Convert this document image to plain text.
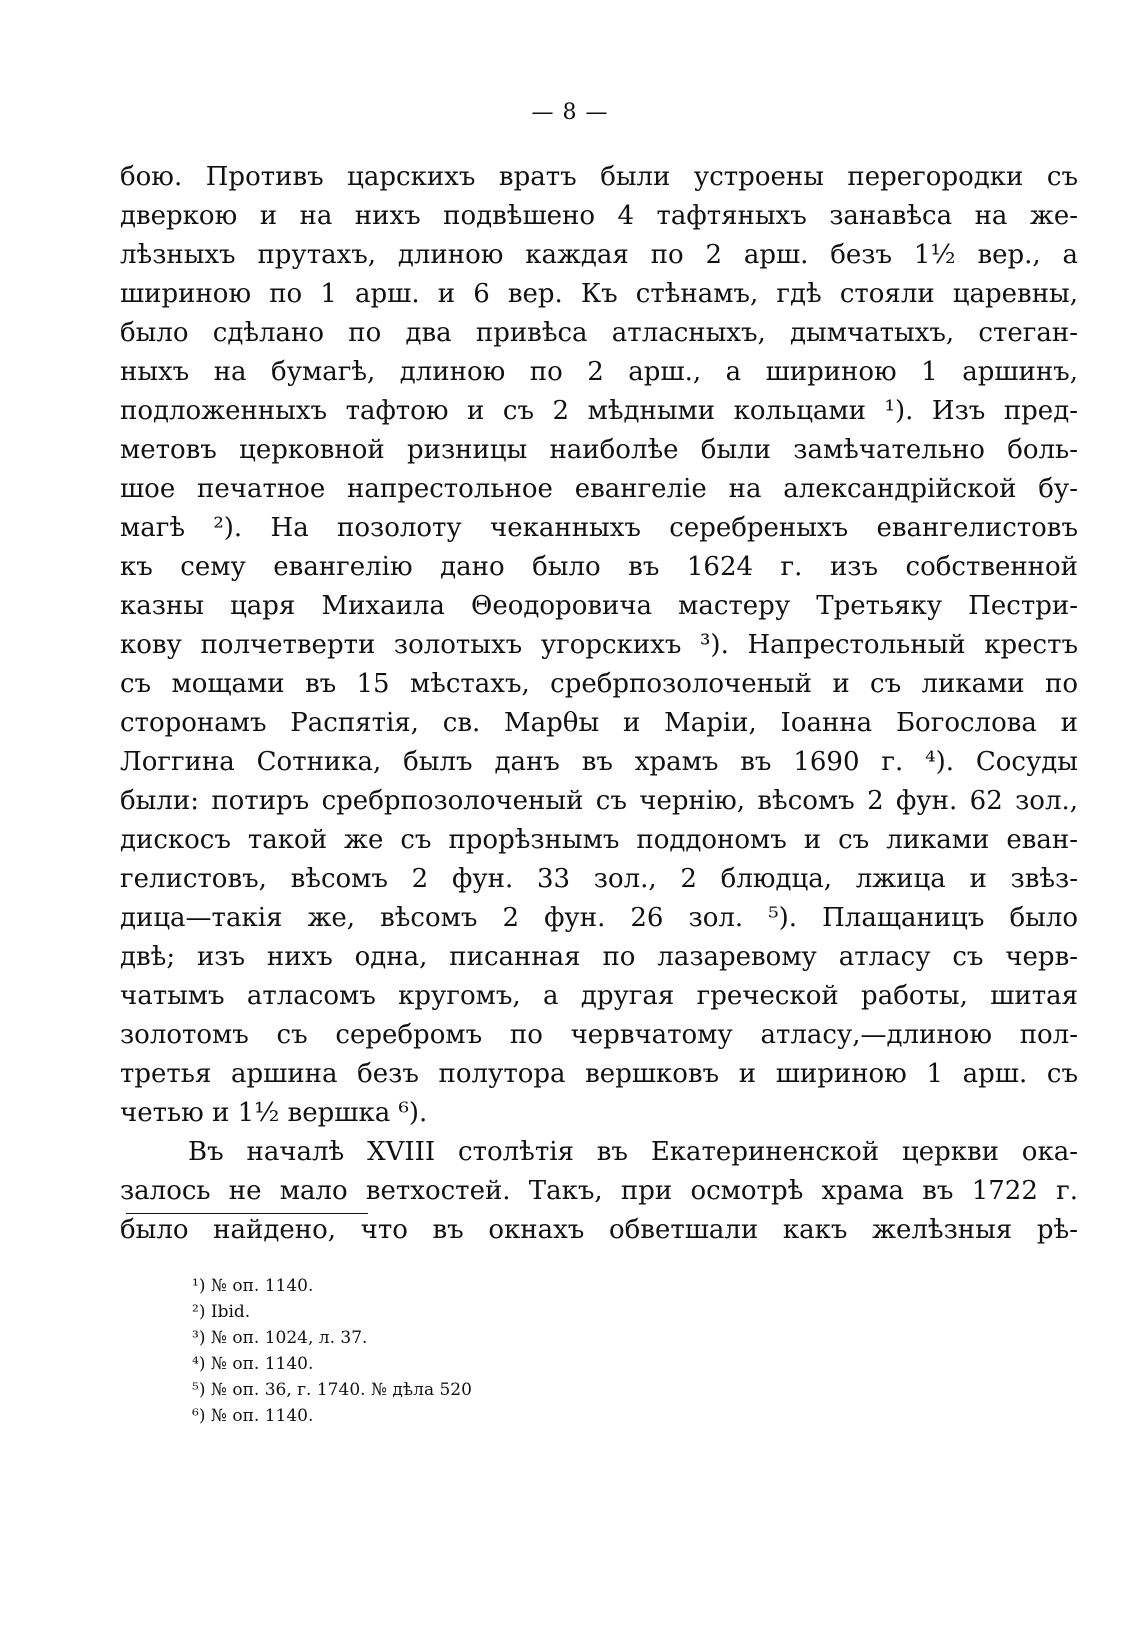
— 8 —
бою. Противъ царскихъ вратъ были устроены перегородки съ
дверкою и на нихъ подвѣшено 4 тафтяныхъ занавѣса на же-
лѣзныхъ прутахъ, длиною каждая по 2 арш. безъ 1½ вер., а
шириною по 1 арш. и 6 вер. Къ стѣнамъ, гдѣ стояли царевны,
было сдѣлано по два привѣса атласныхъ, дымчатыхъ, стеган-
ныхъ на бумагѣ, длиною по 2 арш., а шириною 1 аршинъ,
подложенныхъ тафтою и съ 2 мѣдными кольцами ¹). Изъ пред-
метовъ церковной ризницы наиболѣе были замѣчательно боль-
шое печатное напрестольное евангеліе на александрійской бу-
магѣ ²). На позолоту чеканныхъ серебреныхъ евангелистовъ
къ сему евангелію дано было въ 1624 г. изъ собственной
казны царя Михаила Θеодоровича мастеру Третьяку Пестри-
кову полчетверти золотыхъ угорскихъ ³). Напрестольный крестъ
съ мощами въ 15 мѣстахъ, сребрпозолоченый и съ ликами по
сторонамъ Распятія, св. Марθы и Маріи, Іоанна Богослова и
Логгина Сотника, былъ данъ въ храмъ въ 1690 г. ⁴). Сосуды
были: потиръ сребрпозолоченый съ чернію, вѣсомъ 2 фун. 62 зол.,
дискосъ такой же съ прорѣзнымъ поддономъ и съ ликами еван-
гелистовъ, вѣсомъ 2 фун. 33 зол., 2 блюдца, лжица и звѣз-
дица—такія же, вѣсомъ 2 фун. 26 зол. ⁵). Плащаницъ было
двѣ; изъ нихъ одна, писанная по лазаревому атласу съ черв-
чатымъ атласомъ кругомъ, а другая греческой работы, шитая
золотомъ съ серебромъ по червчатому атласу,—длиною пол-
третья аршина безъ полутора вершковъ и шириною 1 арш. съ
четью и 1½ вершка ⁶).
Въ началѣ XVIII столѣтія въ Екатериненской церкви ока-
залось не мало ветхостей. Такъ, при осмотрѣ храма въ 1722 г.
было найдено, что въ окнахъ обветшали какъ желѣзныя рѣ-
¹) № оп. 1140.
²) Ibid.
³) № оп. 1024, л. 37.
⁴) № оп. 1140.
⁵) № оп. 36, г. 1740. № дѣла 520
⁶) № оп. 1140.
